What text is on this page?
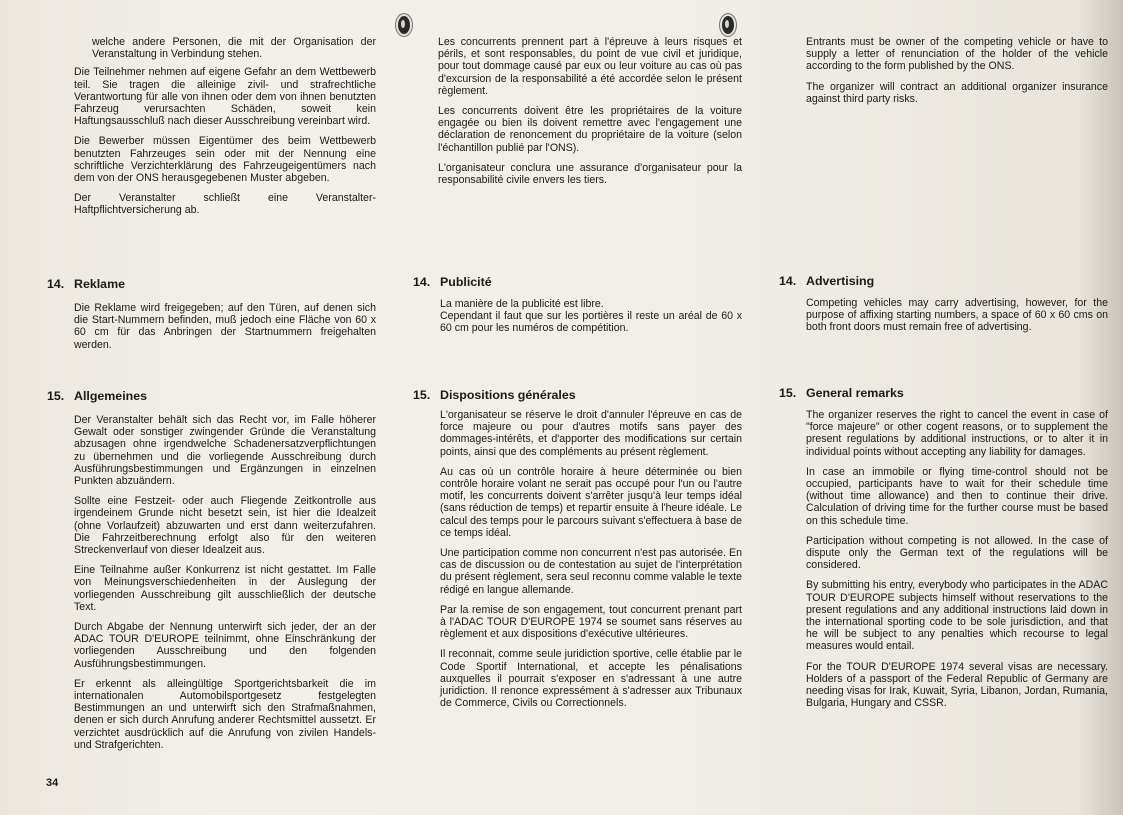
welche andere Personen, die mit der Organisation der Veranstaltung in Verbindung stehen.

Die Teilnehmer nehmen auf eigene Gefahr an dem Wettbewerb teil. Sie tragen die alleinige zivil- und strafrechtliche Verantwortung für alle von ihnen oder dem von ihnen benutzten Fahrzeug verursachten Schäden, soweit kein Haftungsausschluß nach dieser Ausschreibung vereinbart wird.

Die Bewerber müssen Eigentümer des beim Wettbewerb benutzten Fahrzeuges sein oder mit der Nennung eine schriftliche Verzichterklärung des Fahrzeugeigentümers nach dem von der ONS herausgegebenen Muster abgeben.

Der Veranstalter schließt eine Veranstalter-Haftpflichtversicherung ab.

14. Reklame

Die Reklame wird freigegeben; auf den Türen, auf denen sich die Start-Nummern befinden, muß jedoch eine Fläche von 60 x 60 cm für das Anbringen der Startnummern freigehalten werden.

15. Allgemeines

Der Veranstalter behält sich das Recht vor, im Falle höherer Gewalt oder sonstiger zwingender Gründe die Veranstaltung abzusagen ohne irgendwelche Schadenersatzverpflichtungen zu übernehmen und die vorliegende Ausschreibung durch Ausführungsbestimmungen und Ergänzungen in einzelnen Punkten abzuändern.

Sollte eine Festzeit- oder auch Fliegende Zeitkontrolle aus irgendeinem Grunde nicht besetzt sein, ist hier die Idealzeit (ohne Vorlaufzeit) abzuwarten und erst dann weiterzufahren. Die Fahrzeitberechnung erfolgt also für den weiteren Streckenverlauf von dieser Idealzeit aus.

Eine Teilnahme außer Konkurrenz ist nicht gestattet. Im Falle von Meinungsverschiedenheiten in der Auslegung der vorliegenden Ausschreibung gilt ausschließlich der deutsche Text.

Durch Abgabe der Nennung unterwirft sich jeder, der an der ADAC TOUR D'EUROPE teilnimmt, ohne Einschränkung der vorliegenden Ausschreibung und den folgenden Ausführungsbestimmungen.

Er erkennt als alleingültige Sportgerichtsbarkeit die im internationalen Automobilsportgesetz festgelegten Bestimmungen an und unterwirft sich den Strafmaßnahmen, denen er sich durch Anrufung anderer Rechtsmittel aussetzt. Er verzichtet ausdrücklich auf die Anrufung von zivilen Handels- und Strafgerichten.

Les concurrents prennent part à l'épreuve à leurs risques et périls, et sont responsables, du point de vue civil et juridique, pour tout dommage causé par eux ou leur voiture au cas où pas d'excursion de la responsabilité a été accordée selon le présent règlement.

Les concurrents doivent être les propriétaires de la voiture engagée ou bien ils doivent remettre avec l'engagement une déclaration de renoncement du propriétaire de la voiture (selon l'échantillon publié par l'ONS).

L'organisateur conclura une assurance d'organisateur pour la responsabilité civile envers les tiers.

14. Publicité

La manière de la publicité est libre.
Cependant il faut que sur les portières il reste un aréal de 60 x 60 cm pour les numéros de compétition.

15. Dispositions générales

L'organisateur se réserve le droit d'annuler l'épreuve en cas de force majeure ou pour d'autres motifs sans payer des dommages-intérêts, et d'apporter des modifications sur certain points, ainsi que des compléments au présent règlement.

Au cas où un contrôle horaire à heure déterminée ou bien contrôle horaire volant ne serait pas occupé pour l'un ou l'autre motif, les concurrents doivent s'arrêter jusqu'à leur temps idéal (sans réduction de temps) et repartir ensuite à l'heure idéale. Le calcul des temps pour le parcours suivant s'effectuera à base de ce temps idéal.

Une participation comme non concurrent n'est pas autorisée. En cas de discussion ou de contestation au sujet de l'interprétation du présent règlement, sera seul reconnu comme valable le texte rédigé en langue allemande.

Par la remise de son engagement, tout concurrent prenant part à l'ADAC TOUR D'EUROPE 1974 se soumet sans réserves au règlement et aux dispositions d'exécutive ultérieures.

Il reconnait, comme seule juridiction sportive, celle établie par le Code Sportif International, et accepte les pénalisations auxquelles il pourrait s'exposer en s'adressant à une autre juridiction. Il renonce expressément à s'adresser aux Tribunaux de Commerce, Civils ou Correctionnels.

Entrants must be owner of the competing vehicle or have to supply a letter of renunciation of the holder of the vehicle according to the form published by the ONS.

The organizer will contract an additional organizer insurance against third party risks.

14. Advertising

Competing vehicles may carry advertising, however, for the purpose of affixing starting numbers, a space of 60 x 60 cms on both front doors must remain free of advertising.

15. General remarks

The organizer reserves the right to cancel the event in case of "force majeure" or other cogent reasons, or to supplement the present regulations by additional instructions, or to alter it in individual points without accepting any liability for damages.

In case an immobile or flying time-control should not be occupied, participants have to wait for their schedule time (without time allowance) and then to continue their drive. Calculation of driving time for the further course must be based on this schedule time.

Participation without competing is not allowed. In the case of dispute only the German text of the regulations will be considered.

By submitting his entry, everybody who participates in the ADAC TOUR D'EUROPE subjects himself without reservations to the present regulations and any additional instructions laid down in the international sporting code to be sole jurisdiction, and that he will be subject to any penalties which recourse to legal measures would entail.

For the TOUR D'EUROPE 1974 several visas are necessary. Holders of a passport of the Federal Republic of Germany are needing visas for Irak, Kuwait, Syria, Libanon, Jordan, Rumania, Bulgaria, Hungary and CSSR.

34
